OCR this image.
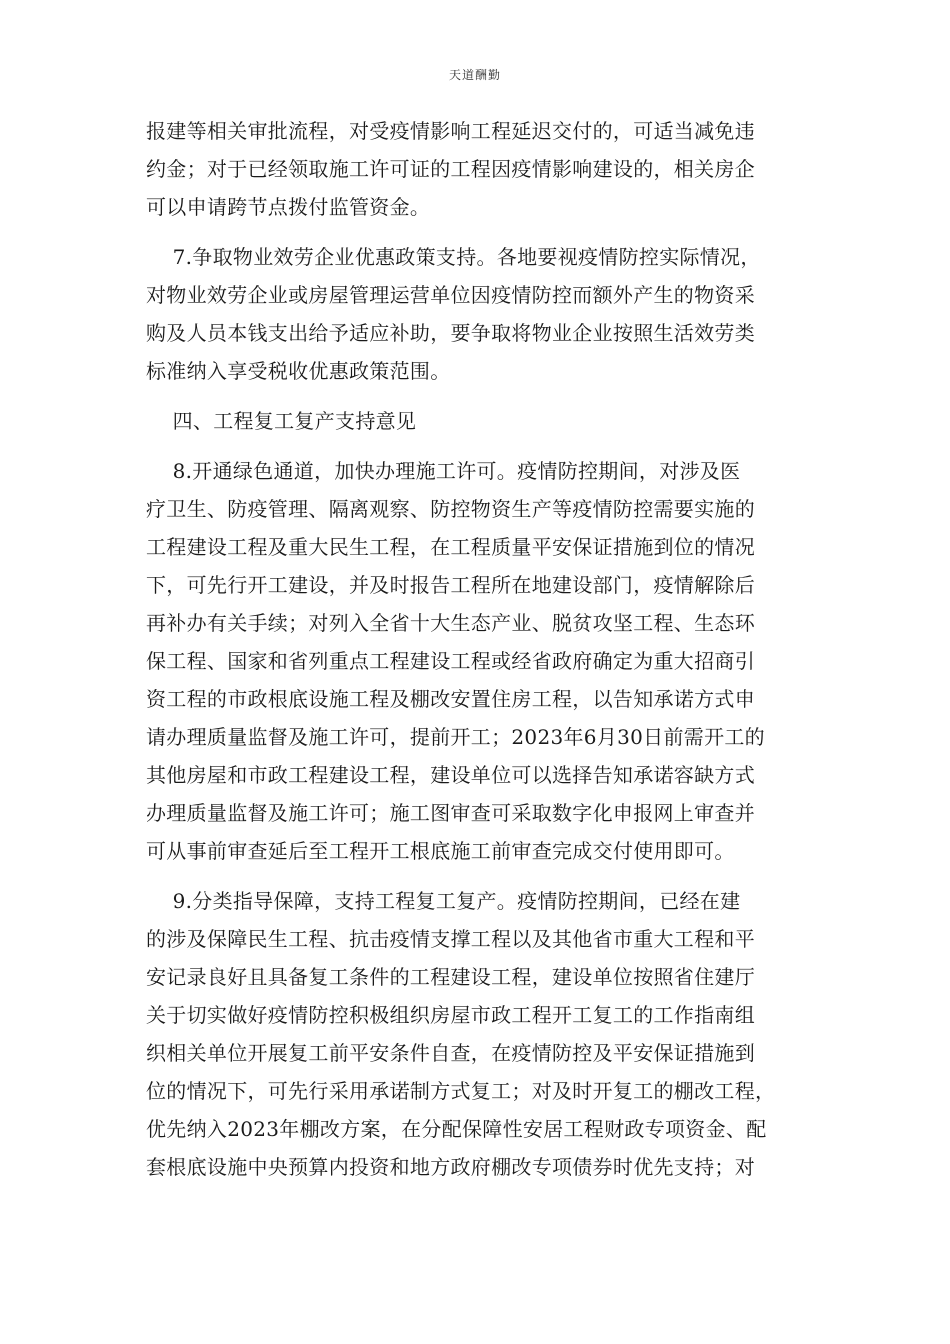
天道酬勤

报建等相关审批流程，对受疫情影响工程延迟交付的，可适当减免违
约金；对于已经领取施工许可证的工程因疫情影响建设的，相关房企
可以申请跨节点拨付监管资金。

7.争取物业效劳企业优惠政策支持。各地要视疫情防控实际情况，
对物业效劳企业或房屋管理运营单位因疫情防控而额外产生的物资采
购及人员本钱支出给予适应补助，要争取将物业企业按照生活效劳类
标准纳入享受税收优惠政策范围。

四、工程复工复产支持意见

8.开通绿色通道，加快办理施工许可。疫情防控期间，对涉及医
疗卫生、防疫管理、隔离观察、防控物资生产等疫情防控需要实施的
工程建设工程及重大民生工程，在工程质量平安保证措施到位的情况
下，可先行开工建设，并及时报告工程所在地建设部门，疫情解除后
再补办有关手续；对列入全省十大生态产业、脱贫攻坚工程、生态环
保工程、国家和省列重点工程建设工程或经省政府确定为重大招商引
资工程的市政根底设施工程及棚改安置住房工程，以告知承诺方式申
请办理质量监督及施工许可，提前开工；2023年6月30日前需开工的
其他房屋和市政工程建设工程，建设单位可以选择告知承诺容缺方式
办理质量监督及施工许可；施工图审查可采取数字化申报网上审查并
可从事前审查延后至工程开工根底施工前审查完成交付使用即可。

9.分类指导保障，支持工程复工复产。疫情防控期间，已经在建
的涉及保障民生工程、抗击疫情支撑工程以及其他省市重大工程和平
安记录良好且具备复工条件的工程建设工程，建设单位按照省住建厅
关于切实做好疫情防控积极组织房屋市政工程开工复工的工作指南组
织相关单位开展复工前平安条件自查，在疫情防控及平安保证措施到
位的情况下，可先行采用承诺制方式复工；对及时开复工的棚改工程，
优先纳入2023年棚改方案，在分配保障性安居工程财政专项资金、配
套根底设施中央预算内投资和地方政府棚改专项债券时优先支持；对
